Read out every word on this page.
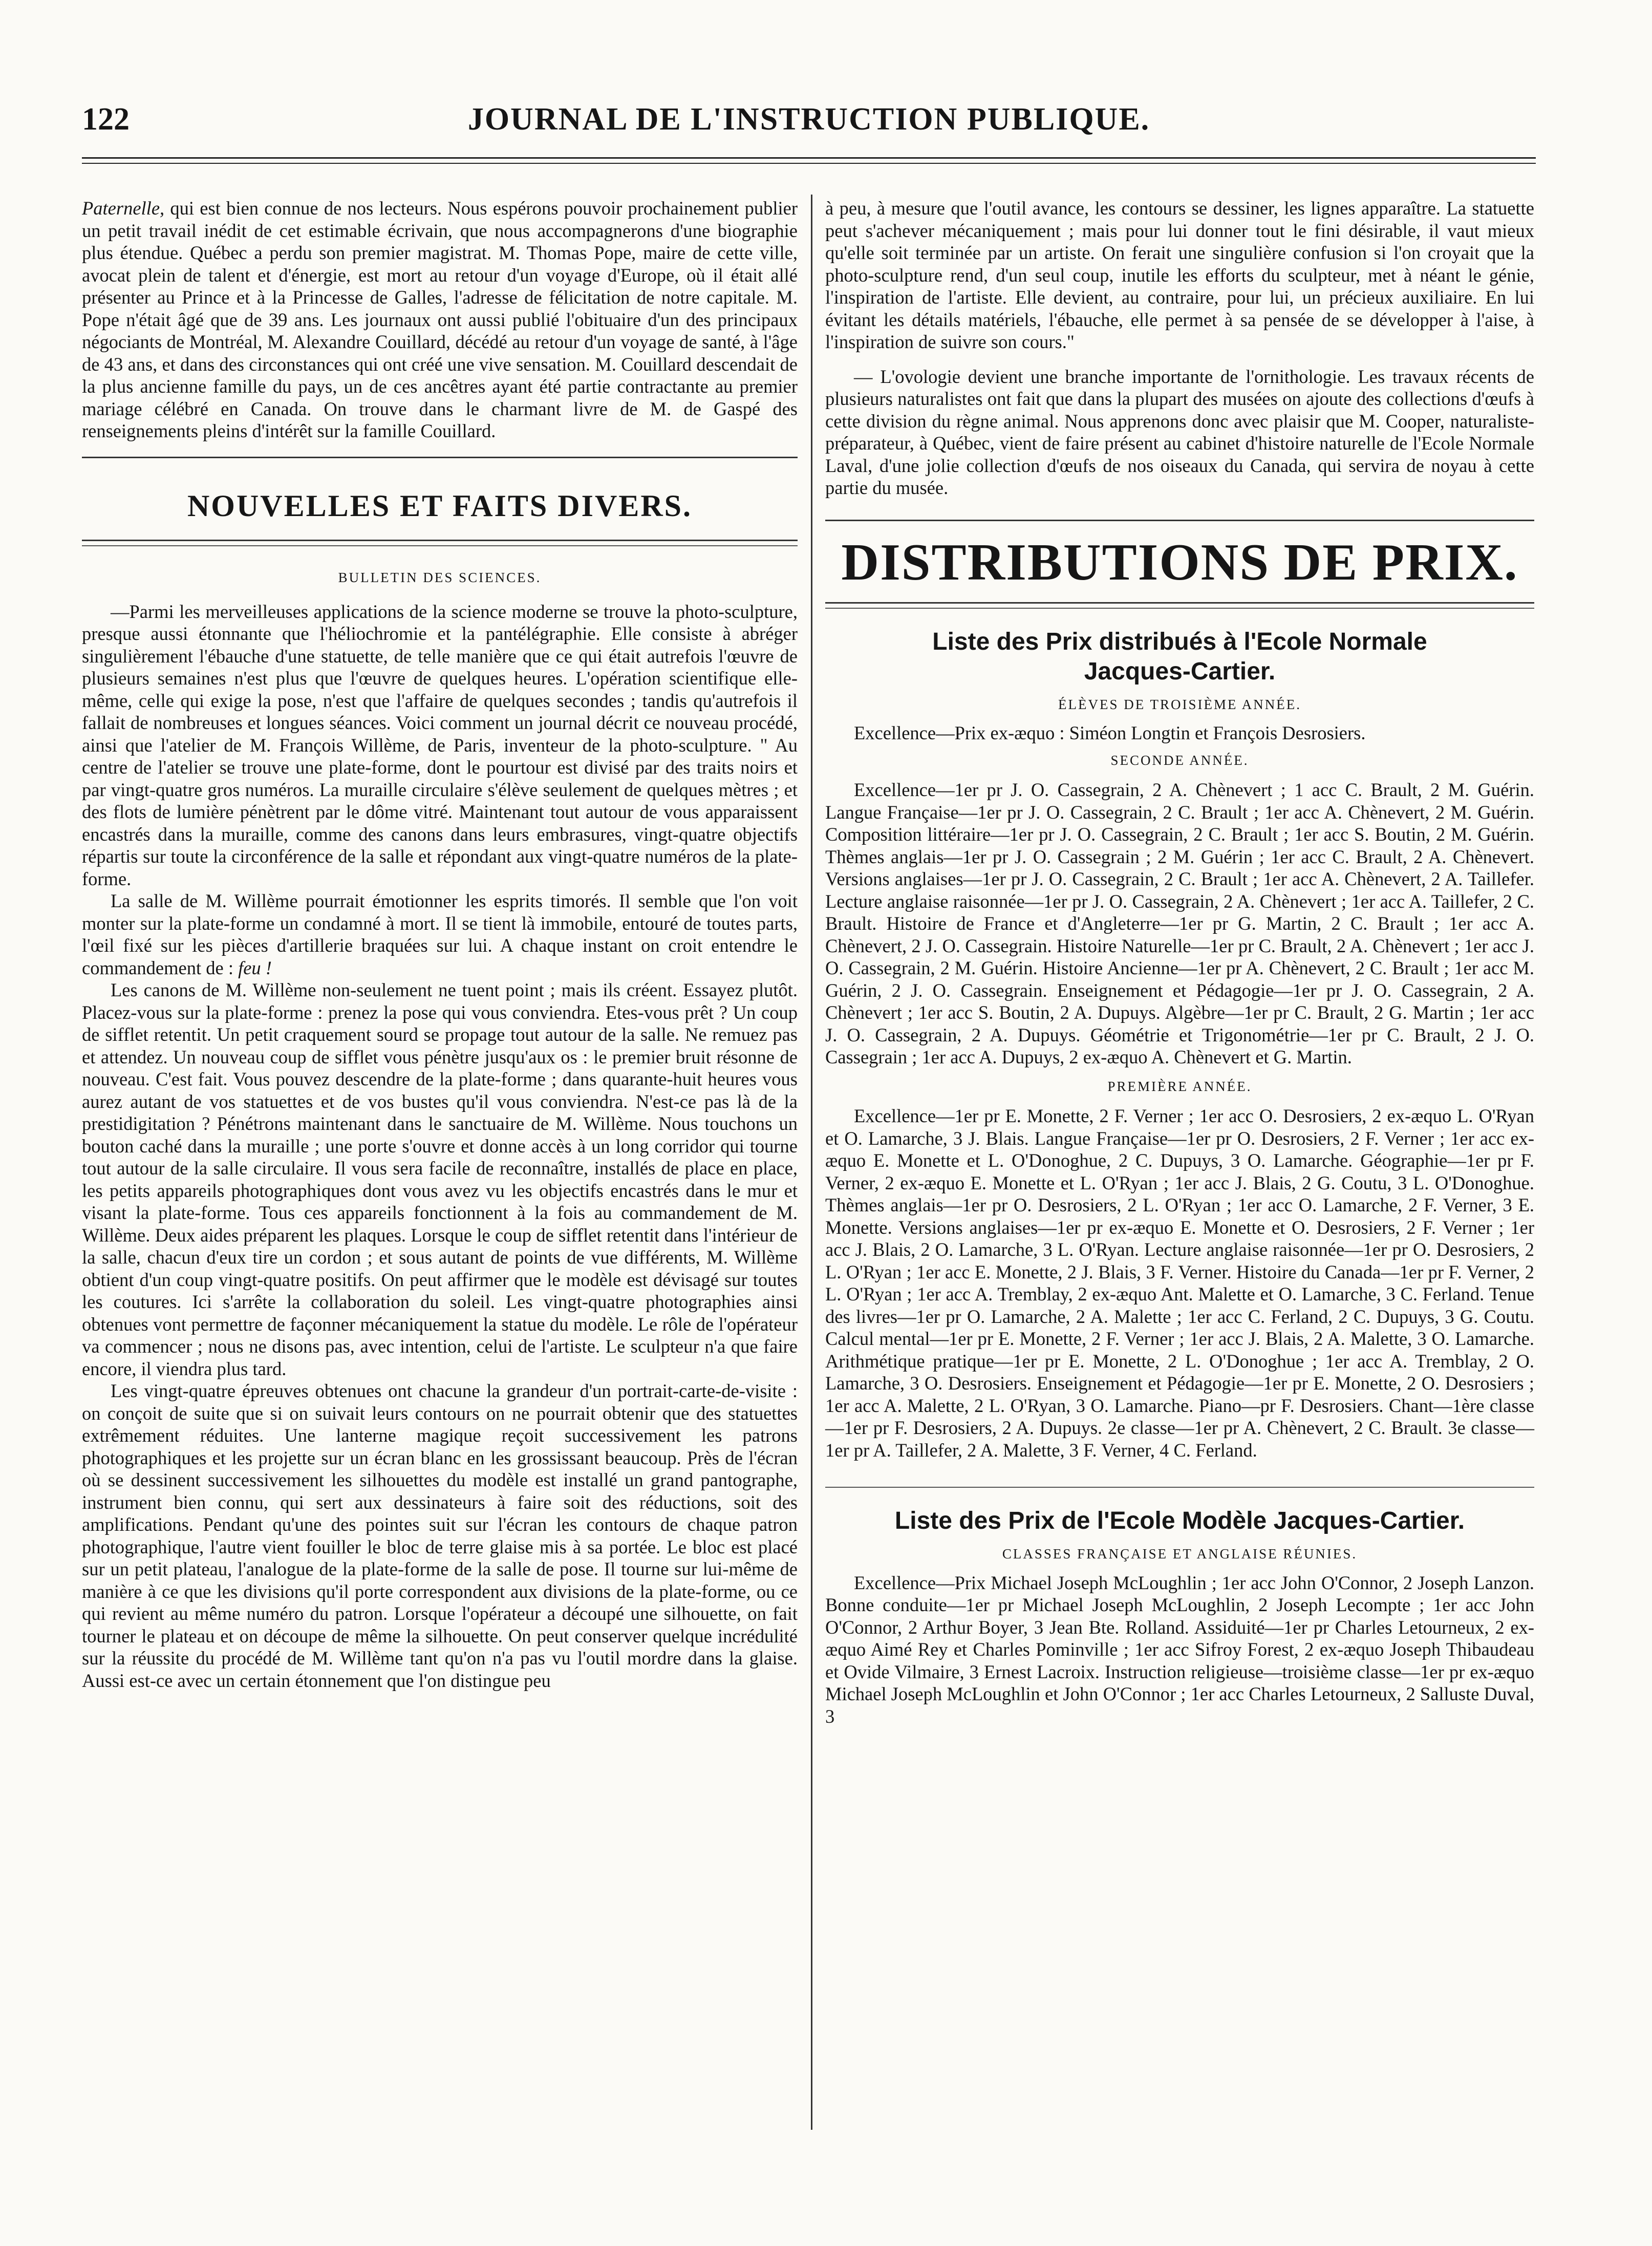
122	JOURNAL DE L'INSTRUCTION PUBLIQUE.

Paternelle, qui est bien connue de nos lecteurs. Nous espérons pouvoir prochainement publier un petit travail inédit de cet estimable écrivain, que nous accompagnerons d'une biographie plus étendue. Québec a perdu son premier magistrat. M. Thomas Pope, maire de cette ville, avocat plein de talent et d'énergie, est mort au retour d'un voyage d'Europe, où il était allé présenter au Prince et à la Princesse de Galles, l'adresse de félicitation de notre capitale. M. Pope n'était âgé que de 39 ans. Les journaux ont aussi publié l'obituaire d'un des principaux négociants de Montréal, M. Alexandre Couillard, décédé au retour d'un voyage de santé, à l'âge de 43 ans, et dans des circonstances qui ont créé une vive sensation. M. Couillard descendait de la plus ancienne famille du pays, un de ces ancêtres ayant été partie contractante au premier mariage célébré en Canada. On trouve dans le charmant livre de M. de Gaspé des renseignements pleins d'intérêt sur la famille Couillard.

NOUVELLES ET FAITS DIVERS.
BULLETIN DES SCIENCES.

—Parmi les merveilleuses applications de la science moderne se trouve la photo-sculpture, presque aussi étonnante que l'héliochromie et la pantélégraphie. Elle consiste à abréger singulièrement l'ébauche d'une statuette, de telle manière que ce qui était autrefois l'œuvre de plusieurs semaines n'est plus que l'œuvre de quelques heures. L'opération scientifique elle-même, celle qui exige la pose, n'est que l'affaire de quelques secondes ; tandis qu'autrefois il fallait de nombreuses et longues séances. Voici comment un journal décrit ce nouveau procédé, ainsi que l'atelier de M. François Willème, de Paris, inventeur de la photo-sculpture. " Au centre de l'atelier se trouve une plate-forme, dont le pourtour est divisé par des traits noirs et par vingt-quatre gros numéros. La muraille circulaire s'élève seulement de quelques mètres ; et des flots de lumière pénètrent par le dôme vitré. Maintenant tout autour de vous apparaissent encastrés dans la muraille, comme des canons dans leurs embrasures, vingt-quatre objectifs répartis sur toute la circonférence de la salle et répondant aux vingt-quatre numéros de la plate-forme.

La salle de M. Willème pourrait émotionner les esprits timorés. Il semble que l'on voit monter sur la plate-forme un condamné à mort. Il se tient là immobile, entouré de toutes parts, l'œil fixé sur les pièces d'artillerie braquées sur lui. A chaque instant on croit entendre le commandement de : feu !

Les canons de M. Willème non-seulement ne tuent point ; mais ils créent. Essayez plutôt. Placez-vous sur la plate-forme : prenez la pose qui vous conviendra. Etes-vous prêt ? Un coup de sifflet retentit. Un petit craquement sourd se propage tout autour de la salle. Ne remuez pas et attendez. Un nouveau coup de sifflet vous pénètre jusqu'aux os : le premier bruit résonne de nouveau. C'est fait. Vous pouvez descendre de la plate-forme ; dans quarante-huit heures vous aurez autant de vos statuettes et de vos bustes qu'il vous conviendra. N'est-ce pas là de la prestidigitation ? Pénétrons maintenant dans le sanctuaire de M. Willème. Nous touchons un bouton caché dans la muraille ; une porte s'ouvre et donne accès à un long corridor qui tourne tout autour de la salle circulaire. Il vous sera facile de reconnaître, installés de place en place, les petits appareils photographiques dont vous avez vu les objectifs encastrés dans le mur et visant la plate-forme. Tous ces appareils fonctionnent à la fois au commandement de M. Willème. Deux aides préparent les plaques. Lorsque le coup de sifflet retentit dans l'intérieur de la salle, chacun d'eux tire un cordon ; et sous autant de points de vue différents, M. Willème obtient d'un coup vingt-quatre positifs. On peut affirmer que le modèle est dévisagé sur toutes les coutures. Ici s'arrête la collaboration du soleil. Les vingt-quatre photographies ainsi obtenues vont permettre de façonner mécaniquement la statue du modèle. Le rôle de l'opérateur va commencer ; nous ne disons pas, avec intention, celui de l'artiste. Le sculpteur n'a que faire encore, il viendra plus tard.

Les vingt-quatre épreuves obtenues ont chacune la grandeur d'un portrait-carte-de-visite : on conçoit de suite que si on suivait leurs contours on ne pourrait obtenir que des statuettes extrêmement réduites. Une lanterne magique reçoit successivement les patrons photographiques et les projette sur un écran blanc en les grossissant beaucoup. Près de l'écran où se dessinent successivement les silhouettes du modèle est installé un grand pantographe, instrument bien connu, qui sert aux dessinateurs à faire soit des réductions, soit des amplifications. Pendant qu'une des pointes suit sur l'écran les contours de chaque patron photographique, l'autre vient fouiller le bloc de terre glaise mis à sa portée. Le bloc est placé sur un petit plateau, l'analogue de la plate-forme de la salle de pose. Il tourne sur lui-même de manière à ce que les divisions qu'il porte correspondent aux divisions de la plate-forme, ou ce qui revient au même numéro du patron. Lorsque l'opérateur a découpé une silhouette, on fait tourner le plateau et on découpe de même la silhouette. On peut conserver quelque incrédulité sur la réussite du procédé de M. Willème tant qu'on n'a pas vu l'outil mordre dans la glaise. Aussi est-ce avec un certain étonnement que l'on distingue peu

à peu, à mesure que l'outil avance, les contours se dessiner, les lignes apparaître. La statuette peut s'achever mécaniquement ; mais pour lui donner tout le fini désirable, il vaut mieux qu'elle soit terminée par un artiste. On ferait une singulière confusion si l'on croyait que la photo-sculpture rend, d'un seul coup, inutile les efforts du sculpteur, met à néant le génie, l'inspiration de l'artiste. Elle devient, au contraire, pour lui, un précieux auxiliaire. En lui évitant les détails matériels, l'ébauche, elle permet à sa pensée de se développer à l'aise, à l'inspiration de suivre son cours."

— L'ovologie devient une branche importante de l'ornithologie. Les travaux récents de plusieurs naturalistes ont fait que dans la plupart des musées on ajoute des collections d'œufs à cette division du règne animal. Nous apprenons donc avec plaisir que M. Cooper, naturaliste-préparateur, à Québec, vient de faire présent au cabinet d'histoire naturelle de l'Ecole Normale Laval, d'une jolie collection d'œufs de nos oiseaux du Canada, qui servira de noyau à cette partie du musée.

DISTRIBUTIONS DE PRIX.
Liste des Prix distribués à l'Ecole Normale
Jacques-Cartier.
ÉLÈVES DE TROISIÈME ANNÉE.

Excellence—Prix ex-æquo : Siméon Longtin et François Desrosiers.

SECONDE ANNÉE.

Excellence—1er pr J. O. Cassegrain, 2 A. Chènevert ; 1 acc C. Brault, 2 M. Guérin. Langue Française—1er pr J. O. Cassegrain, 2 C. Brault ; 1er acc A. Chènevert, 2 M. Guérin. Composition littéraire—1er pr J. O. Cassegrain, 2 C. Brault ; 1er acc S. Boutin, 2 M. Guérin. Thèmes anglais—1er pr J. O. Cassegrain ; 2 M. Guérin ; 1er acc C. Brault, 2 A. Chènevert. Versions anglaises—1er pr J. O. Cassegrain, 2 C. Brault ; 1er acc A. Chènevert, 2 A. Taillefer. Lecture anglaise raisonnée—1er pr J. O. Cassegrain, 2 A. Chènevert ; 1er acc A. Taillefer, 2 C. Brault. Histoire de France et d'Angleterre—1er pr G. Martin, 2 C. Brault ; 1er acc A. Chènevert, 2 J. O. Cassegrain. Histoire Naturelle—1er pr C. Brault, 2 A. Chènevert ; 1er acc J. O. Cassegrain, 2 M. Guérin. Histoire Ancienne—1er pr A. Chènevert, 2 C. Brault ; 1er acc M. Guérin, 2 J. O. Cassegrain. Enseignement et Pédagogie—1er pr J. O. Cassegrain, 2 A. Chènevert ; 1er acc S. Boutin, 2 A. Dupuys. Algèbre—1er pr C. Brault, 2 G. Martin ; 1er acc J. O. Cassegrain, 2 A. Dupuys. Géométrie et Trigonométrie—1er pr C. Brault, 2 J. O. Cassegrain ; 1er acc A. Dupuys, 2 ex-æquo A. Chènevert et G. Martin.

PREMIÈRE ANNÉE.

Excellence—1er pr E. Monette, 2 F. Verner ; 1er acc O. Desrosiers, 2 ex-æquo L. O'Ryan et O. Lamarche, 3 J. Blais. Langue Française—1er pr O. Desrosiers, 2 F. Verner ; 1er acc ex-æquo E. Monette et L. O'Donoghue, 2 C. Dupuys, 3 O. Lamarche. Géographie—1er pr F. Verner, 2 ex-æquo E. Monette et L. O'Ryan ; 1er acc J. Blais, 2 G. Coutu, 3 L. O'Donoghue. Thèmes anglais—1er pr O. Desrosiers, 2 L. O'Ryan ; 1er acc O. Lamarche, 2 F. Verner, 3 E. Monette. Versions anglaises—1er pr ex-æquo E. Monette et O. Desrosiers, 2 F. Verner ; 1er acc J. Blais, 2 O. Lamarche, 3 L. O'Ryan. Lecture anglaise raisonnée—1er pr O. Desrosiers, 2 L. O'Ryan ; 1er acc E. Monette, 2 J. Blais, 3 F. Verner. Histoire du Canada—1er pr F. Verner, 2 L. O'Ryan ; 1er acc A. Tremblay, 2 ex-æquo Ant. Malette et O. Lamarche, 3 C. Ferland. Tenue des livres—1er pr O. Lamarche, 2 A. Malette ; 1er acc C. Ferland, 2 C. Dupuys, 3 G. Coutu. Calcul mental—1er pr E. Monette, 2 F. Verner ; 1er acc J. Blais, 2 A. Malette, 3 O. Lamarche. Arithmétique pratique—1er pr E. Monette, 2 L. O'Donoghue ; 1er acc A. Tremblay, 2 O. Lamarche, 3 O. Desrosiers. Enseignement et Pédagogie—1er pr E. Monette, 2 O. Desrosiers ; 1er acc A. Malette, 2 L. O'Ryan, 3 O. Lamarche. Piano—pr F. Desrosiers. Chant—1ère classe—1er pr F. Desrosiers, 2 A. Dupuys. 2e classe—1er pr A. Chènevert, 2 C. Brault. 3e classe—1er pr A. Taillefer, 2 A. Malette, 3 F. Verner, 4 C. Ferland.

Liste des Prix de l'Ecole Modèle Jacques-Cartier.
CLASSES FRANÇAISE ET ANGLAISE RÉUNIES.

Excellence—Prix Michael Joseph McLoughlin ; 1er acc John O'Connor, 2 Joseph Lanzon. Bonne conduite—1er pr Michael Joseph McLoughlin, 2 Joseph Lecompte ; 1er acc John O'Connor, 2 Arthur Boyer, 3 Jean Bte. Rolland. Assiduité—1er pr Charles Letourneux, 2 ex-æquo Aimé Rey et Charles Pominville ; 1er acc Sifroy Forest, 2 ex-æquo Joseph Thibaudeau et Ovide Vilmaire, 3 Ernest Lacroix. Instruction religieuse—troisième classe—1er pr ex-æquo Michael Joseph McLoughlin et John O'Connor ; 1er acc Charles Letourneux, 2 Salluste Duval, 3
